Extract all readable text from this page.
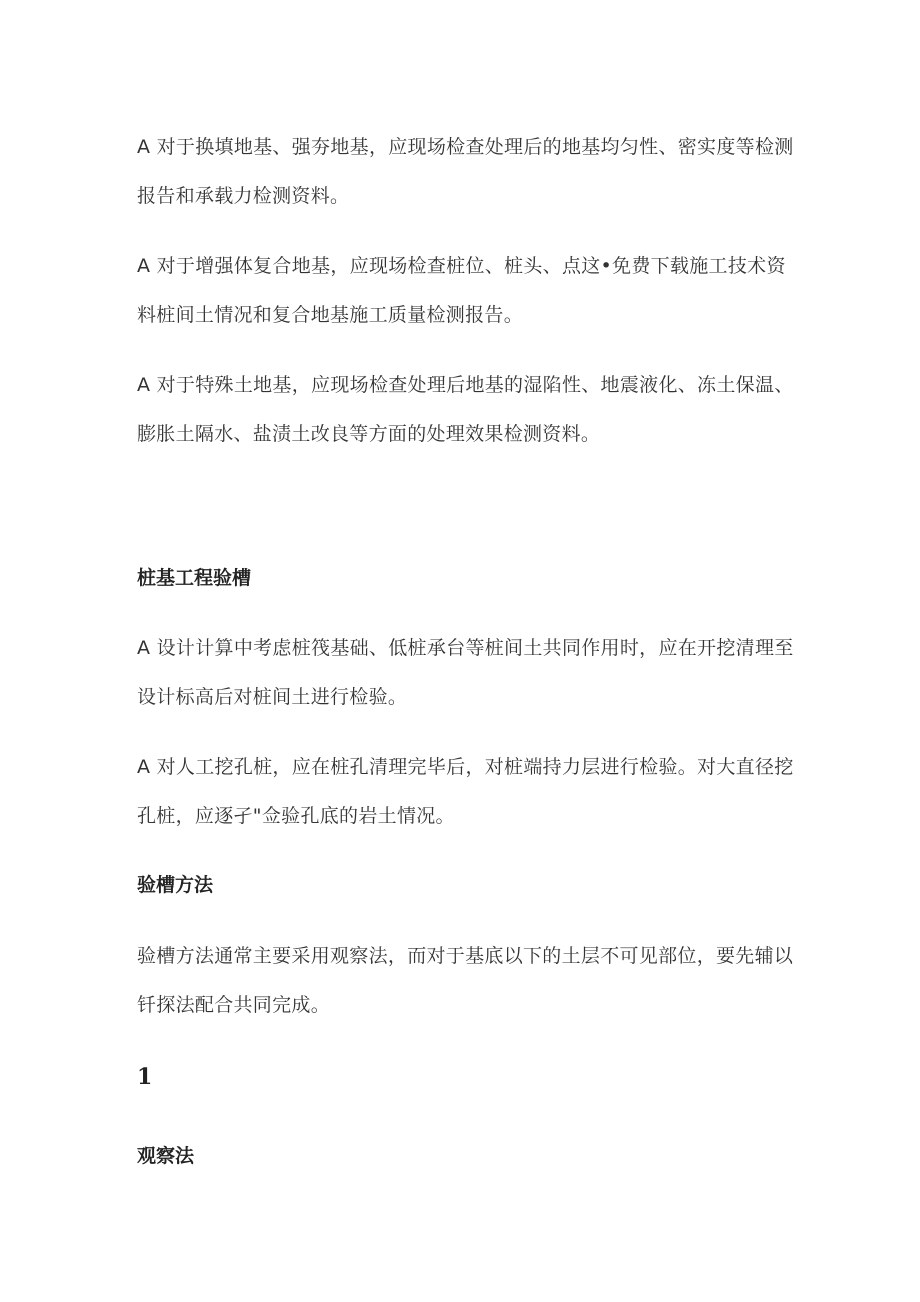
A 对于换填地基、强夯地基，应现场检查处理后的地基均匀性、密实度等检测报告和承载力检测资料。

A 对于增强体复合地基，应现场检查桩位、桩头、点这•免费下载施工技术资料桩间土情况和复合地基施工质量检测报告。

A 对于特殊土地基，应现场检查处理后地基的湿陷性、地震液化、冻土保温、膨胀土隔水、盐渍土改良等方面的处理效果检测资料。

桩基工程验槽

A 设计计算中考虑桩筏基础、低桩承台等桩间土共同作用时，应在开挖清理至设计标高后对桩间土进行检验。

A 对人工挖孔桩，应在桩孔清理完毕后，对桩端持力层进行检验。对大直径挖孔桩，应逐孑"佥验孔底的岩土情况。

验槽方法

验槽方法通常主要采用观察法，而对于基底以下的土层不可见部位，要先辅以钎探法配合共同完成。

1
观察法
